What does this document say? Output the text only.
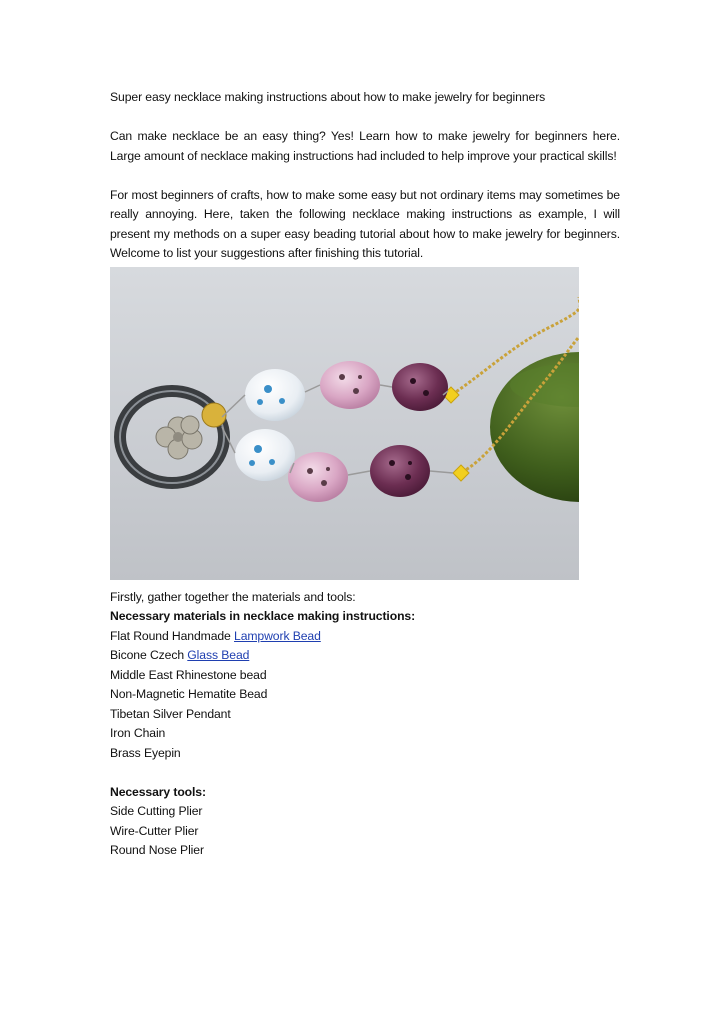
Super easy necklace making instructions about how to make jewelry for beginners

Can make necklace be an easy thing? Yes! Learn how to make jewelry for beginners here. Large amount of necklace making instructions had included to help improve your practical skills!

For most beginners of crafts, how to make some easy but not ordinary items may sometimes be really annoying. Here, taken the following necklace making instructions as example, I will present my methods on a super easy beading tutorial about how to make jewelry for beginners. Welcome to list your suggestions after finishing this tutorial.

Firstly, gather together the materials and tools:

Necessary materials in necklace making instructions:

Flat Round Handmade Lampwork Bead

Bicone Czech Glass Bead

Middle East Rhinestone bead

Non-Magnetic Hematite Bead

Tibetan Silver Pendant

Iron Chain

Brass Eyepin

Necessary tools:

Side Cutting Plier

Wire-Cutter Plier

Round Nose Plier
